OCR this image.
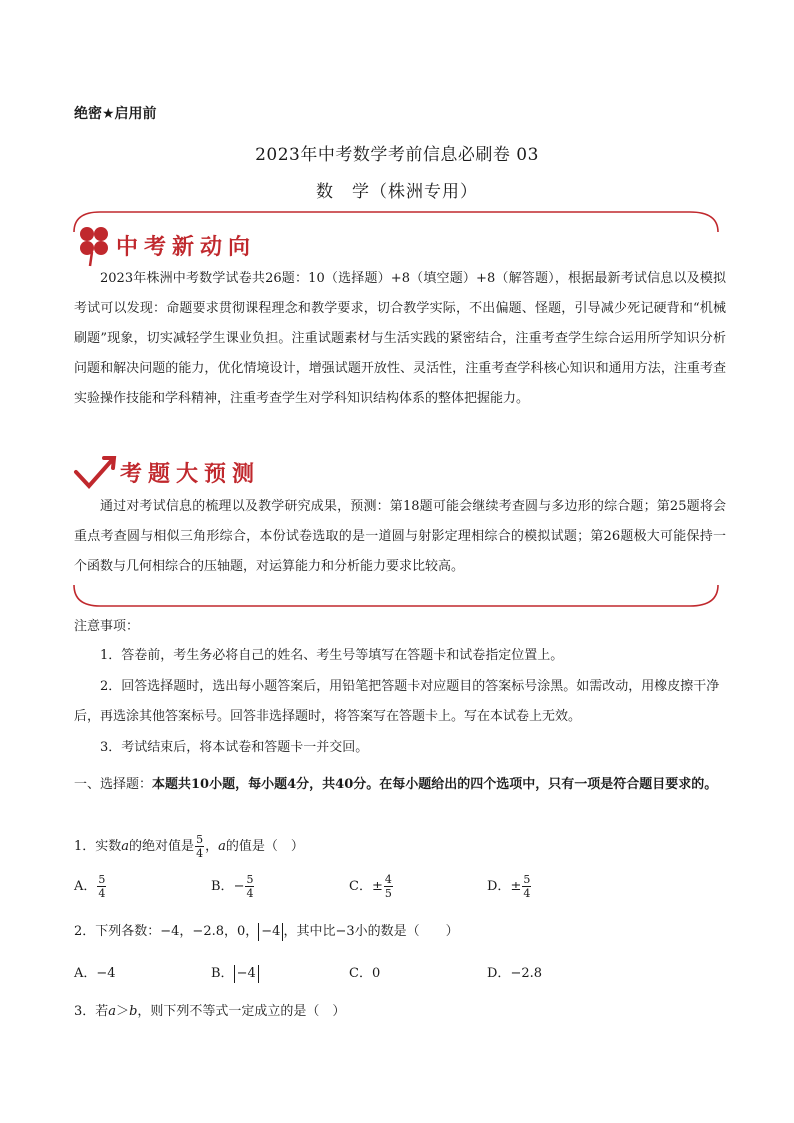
绝密★启用前
2023年中考数学考前信息必刷卷 03
数　学（株洲专用）
中考新动向
2023年株洲中考数学试卷共26题：10（选择题）+8（填空题）+8（解答题），根据最新考试信息以及模拟考试可以发现：命题要求贯彻课程理念和教学要求，切合教学实际，不出偏题、怪题，引导减少死记硬背和“机械刷题”现象，切实减轻学生课业负担。注重试题素材与生活实践的紧密结合，注重考查学生综合运用所学知识分析问题和解决问题的能力，优化情境设计，增强试题开放性、灵活性，注重考查学科核心知识和通用方法，注重考查实验操作技能和学科精神，注重考查学生对学科知识结构体系的整体把握能力。
考题大预测
通过对考试信息的梳理以及教学研究成果，预测：第18题可能会继续考查圆与多边形的综合题；第25题将会重点考查圆与相似三角形综合，本份试卷选取的是一道圆与射影定理相综合的模拟试题；第26题极大可能保持一个函数与几何相综合的压轴题，对运算能力和分析能力要求比较高。
注意事项：
1．答卷前，考生务必将自己的姓名、考生号等填写在答题卡和试卷指定位置上。
2．回答选择题时，选出每小题答案后，用铅笔把答题卡对应题目的答案标号涂黑。如需改动，用橡皮擦干净后，再选涂其他答案标号。回答非选择题时，将答案写在答题卡上。写在本试卷上无效。
3．考试结束后，将本试卷和答题卡一并交回。
一、选择题：本题共10小题，每小题4分，共40分。在每小题给出的四个选项中，只有一项是符合题目要求的。
1．实数a的绝对值是 $\frac{5}{4}$ ，a的值是（　）
A． $\frac{5}{4}$	B．− $\frac{5}{4}$	C．± $\frac{4}{5}$	D．± $\frac{5}{4}$
2．下列各数：−4，−2.8，0， −4 ，其中比−3小的数是（　　）
A．−4	B． −4	C．0	D．−2.8
3．若a＞b，则下列不等式一定成立的是（　）
